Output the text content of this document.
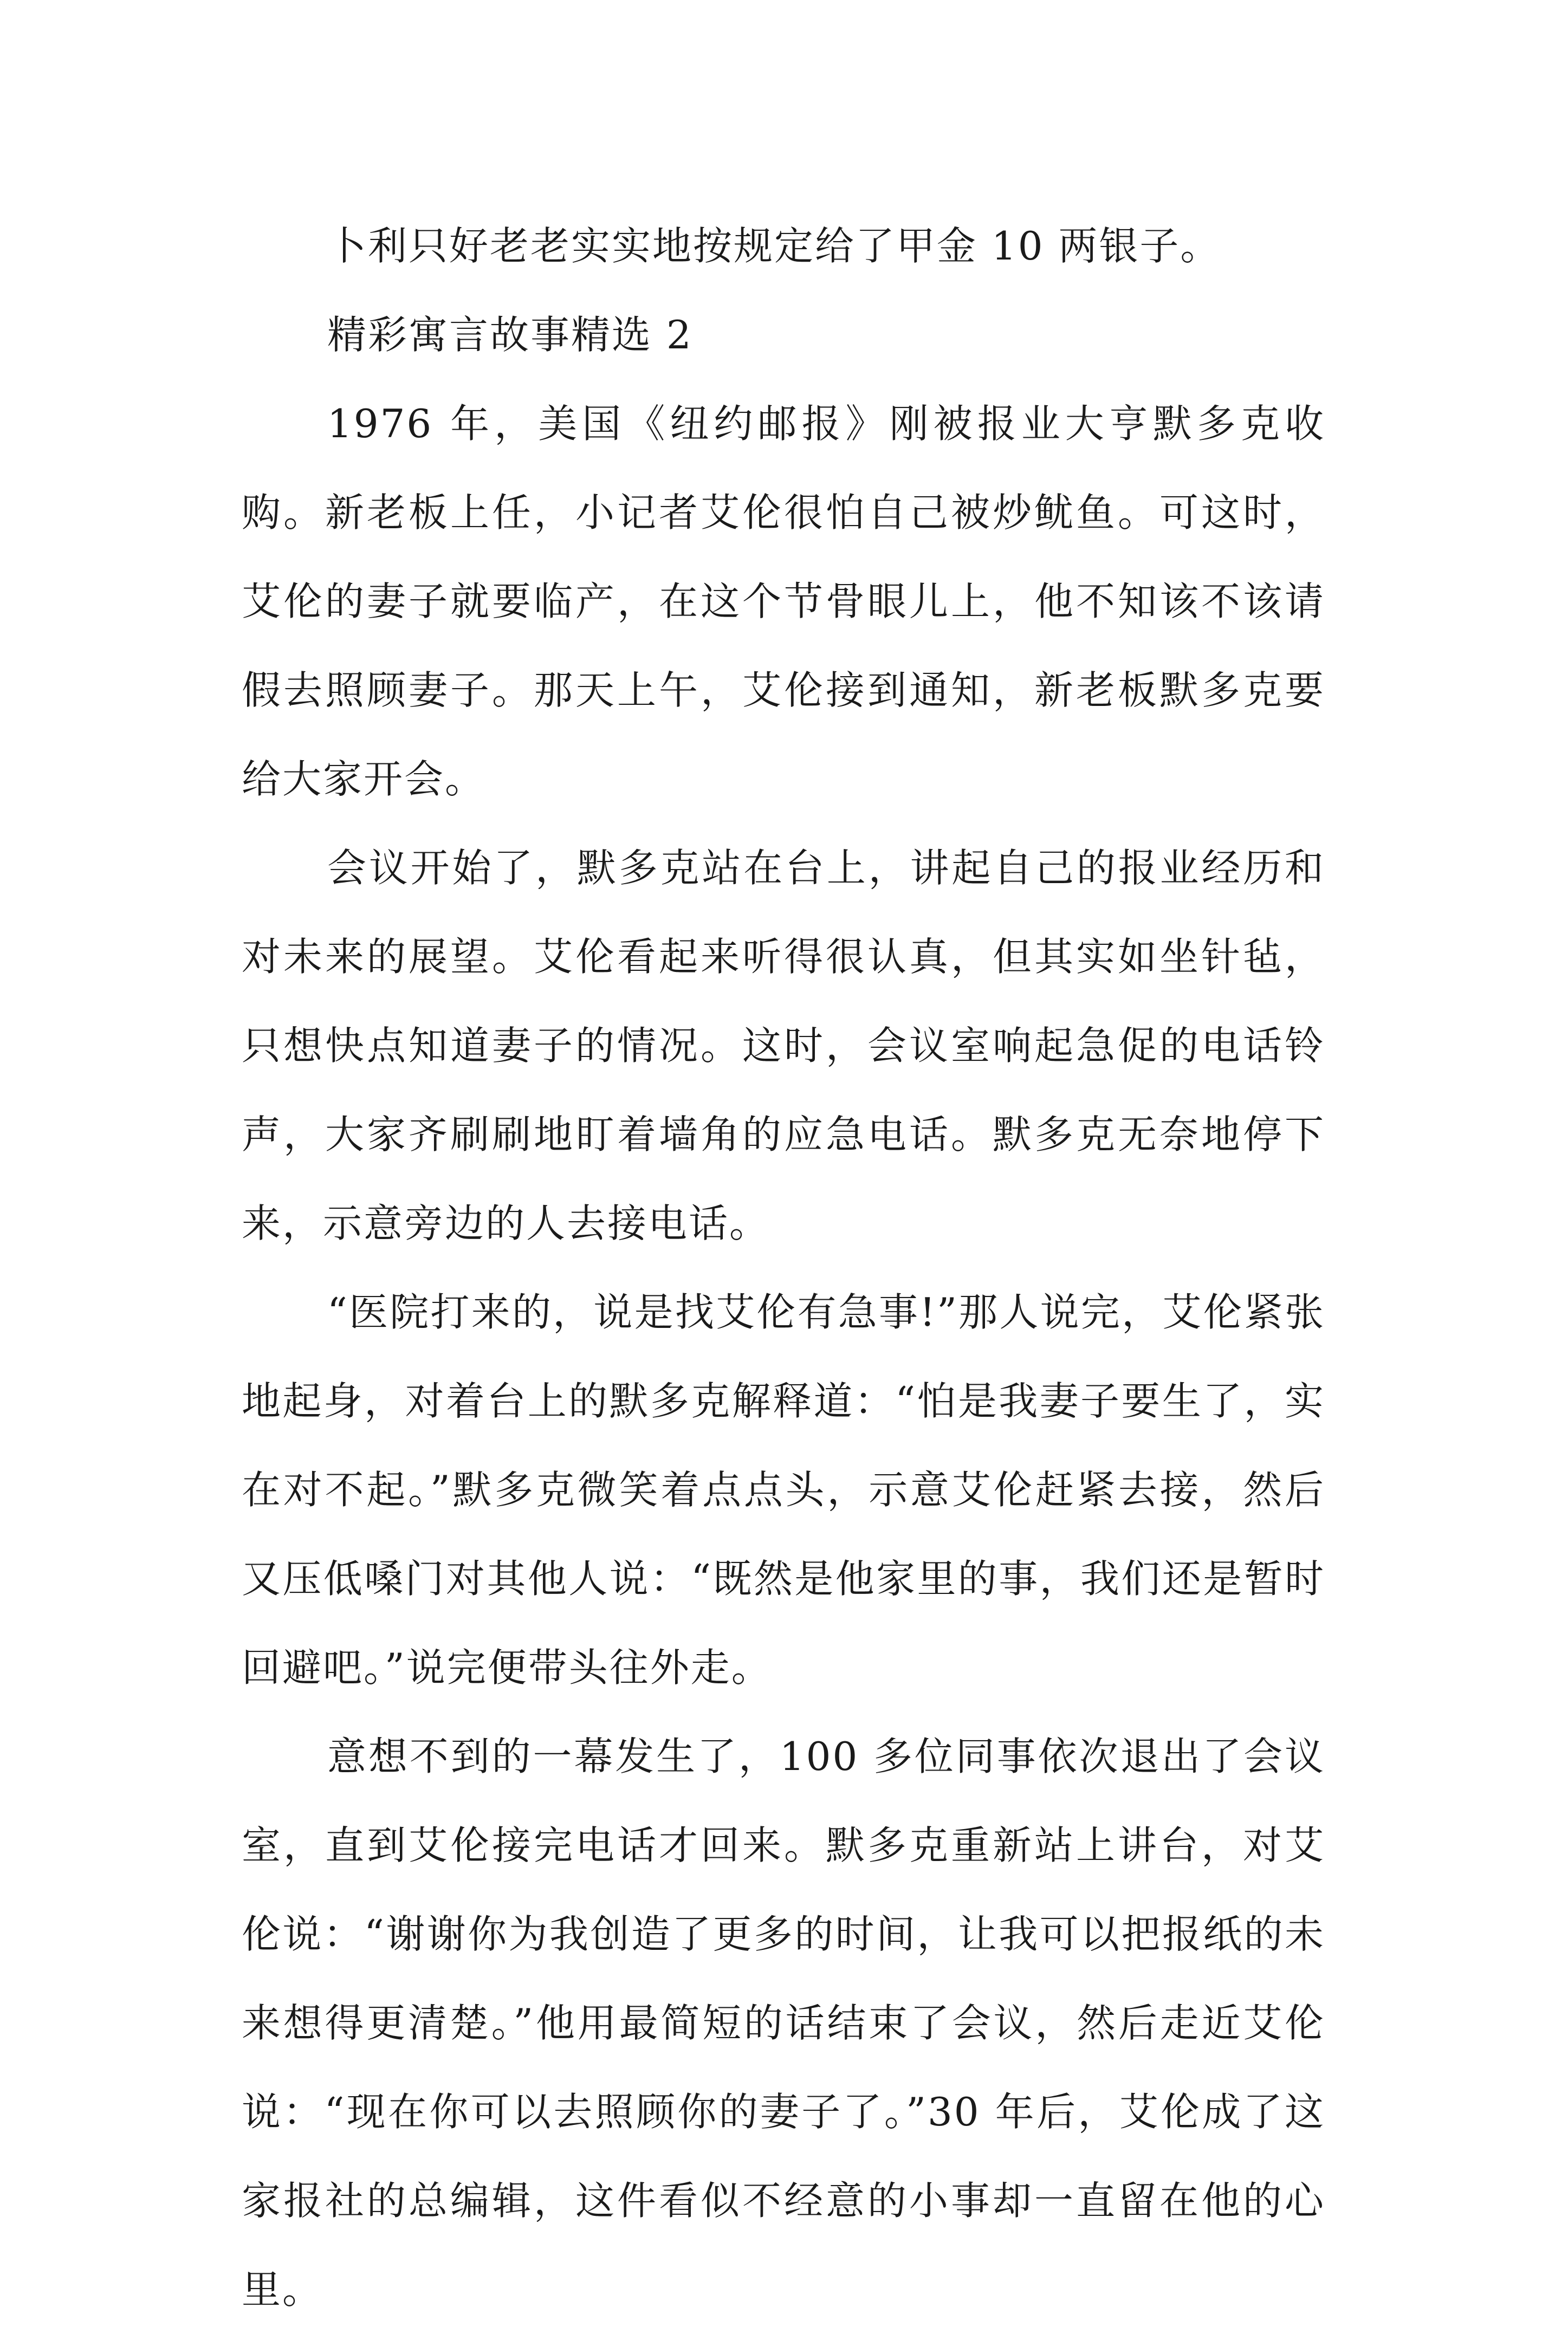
卜利只好老老实实地按规定给了甲金 10 两银子。

精彩寓言故事精选 2

1976 年，美国《纽约邮报》刚被报业大亨默多克收购。新老板上任，小记者艾伦很怕自己被炒鱿鱼。可这时，艾伦的妻子就要临产，在这个节骨眼儿上，他不知该不该请假去照顾妻子。那天上午，艾伦接到通知，新老板默多克要给大家开会。

会议开始了，默多克站在台上，讲起自己的报业经历和对未来的展望。艾伦看起来听得很认真，但其实如坐针毡，只想快点知道妻子的情况。这时，会议室响起急促的电话铃声，大家齐刷刷地盯着墙角的应急电话。默多克无奈地停下来，示意旁边的人去接电话。

“医院打来的，说是找艾伦有急事!”那人说完，艾伦紧张地起身，对着台上的默多克解释道：“怕是我妻子要生了，实在对不起。”默多克微笑着点点头，示意艾伦赶紧去接，然后又压低嗓门对其他人说：“既然是他家里的事，我们还是暂时回避吧。”说完便带头往外走。

意想不到的一幕发生了，100 多位同事依次退出了会议室，直到艾伦接完电话才回来。默多克重新站上讲台，对艾伦说：“谢谢你为我创造了更多的时间，让我可以把报纸的未来想得更清楚。”他用最简短的话结束了会议，然后走近艾伦说：“现在你可以去照顾你的妻子了。”30 年后，艾伦成了这家报社的总编辑，这件看似不经意的小事却一直留在他的心里。
